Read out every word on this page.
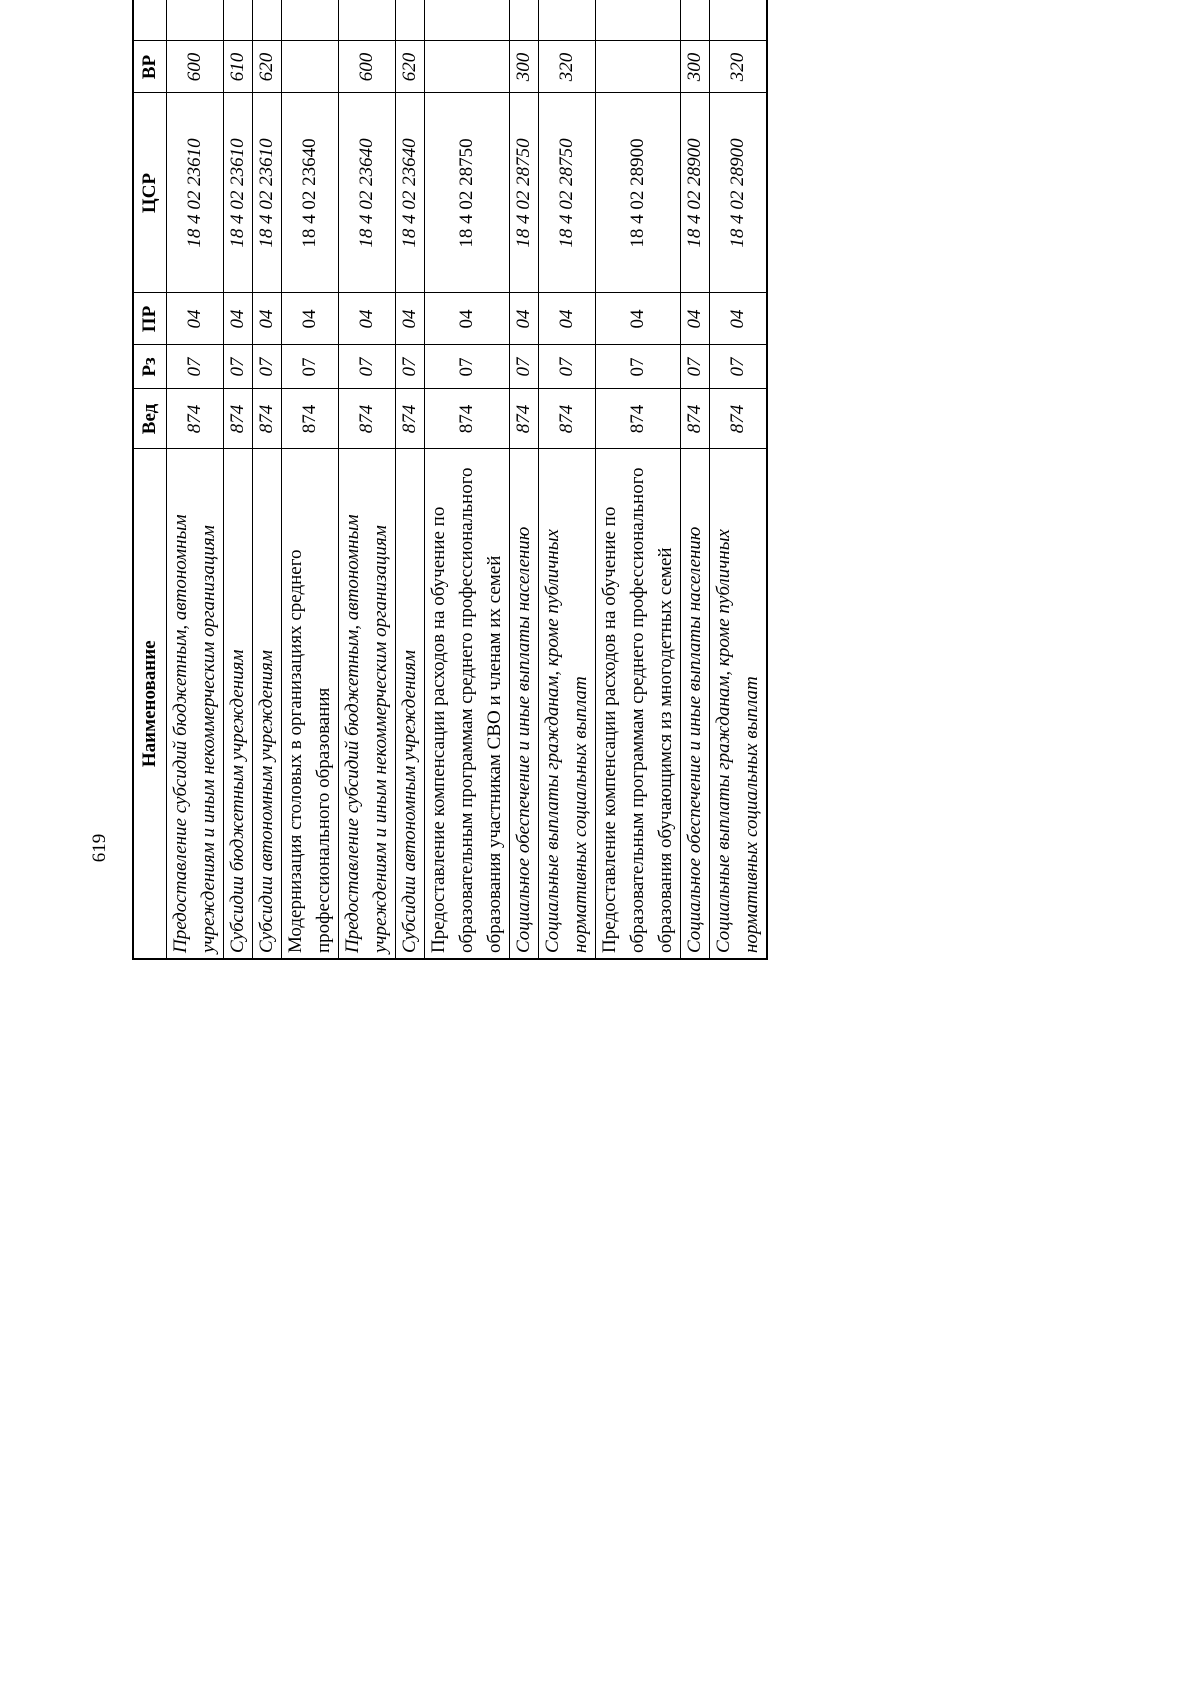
619
Наименование	Вед	Рз	ПР	ЦСР	ВР			
Предоставление субсидий бюджетным, автономным учреждениям и иным некоммерческим организациям	874	07	04	18 4 02 23610	600			
Субсидии бюджетным учреждениям	874	07	04	18 4 02 23610	610			
Субсидии автономным учреждениям	874	07	04	18 4 02 23610	620			
Модернизация столовых в организациях среднего профессионального образования	874	07	04	18 4 02 23640				
Предоставление субсидий бюджетным, автономным учреждениям и иным некоммерческим организациям	874	07	04	18 4 02 23640	600			
Субсидии автономным учреждениям	874	07	04	18 4 02 23640	620			
Предоставление компенсации расходов на обучение по образовательным программам среднего профессионального образования участникам СВО и членам их семей	874	07	04	18 4 02 28750				
Социальное обеспечение и иные выплаты населению	874	07	04	18 4 02 28750	300			
Социальные выплаты гражданам, кроме публичных нормативных социальных выплат	874	07	04	18 4 02 28750	320			
Предоставление компенсации расходов на обучение по образовательным программам среднего профессионального образования обучающимся из многодетных семей	874	07	04	18 4 02 28900				
Социальное обеспечение и иные выплаты населению	874	07	04	18 4 02 28900	300			
Социальные выплаты гражданам, кроме публичных нормативных социальных выплат	874	07	04	18 4 02 28900	320			
